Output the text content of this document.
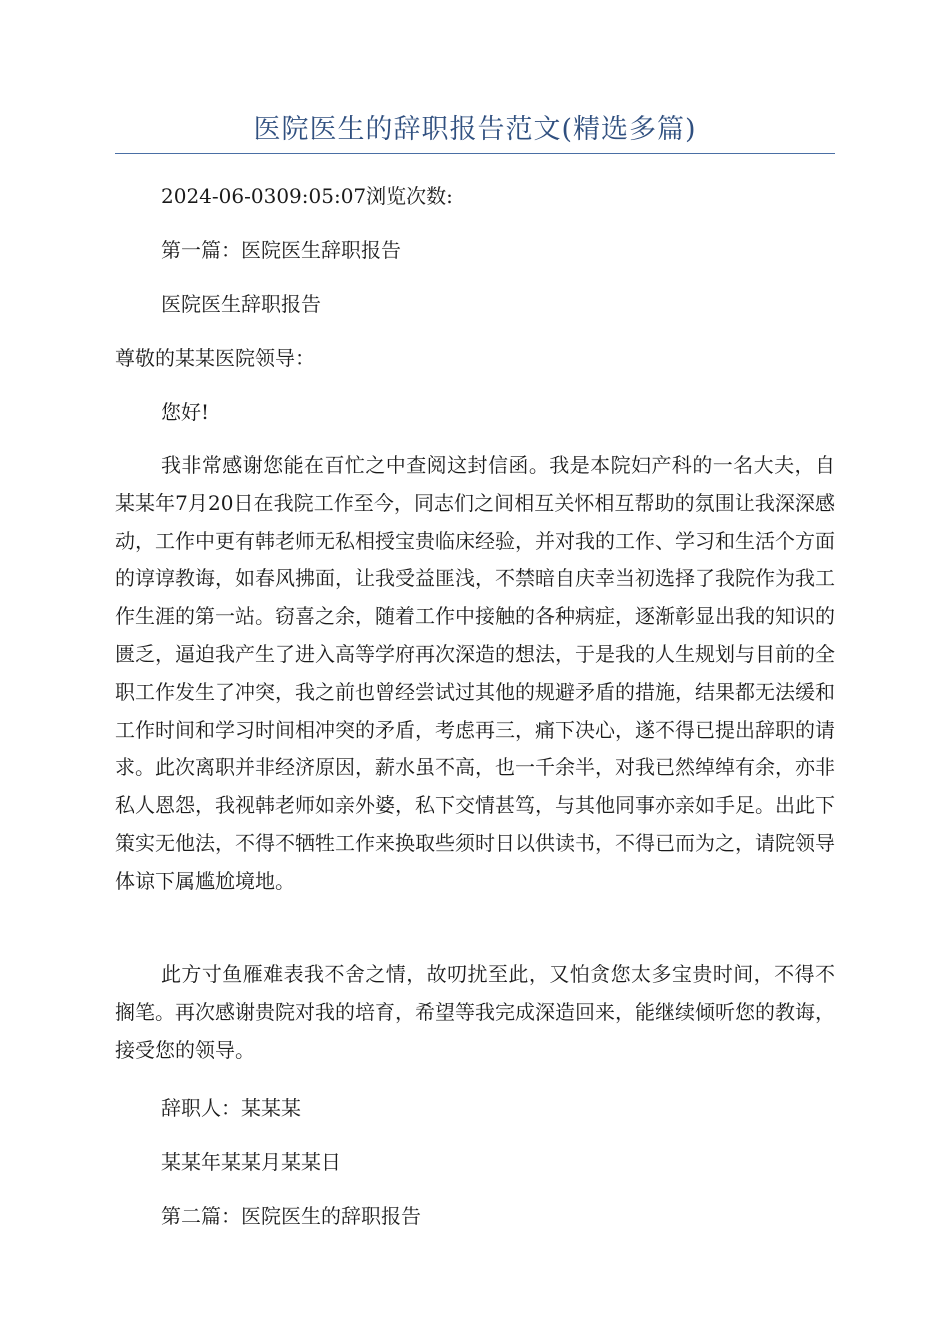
医院医生的辞职报告范文(精选多篇)
2024-06-0309:05:07浏览次数:
第一篇：医院医生辞职报告
医院医生辞职报告
尊敬的某某医院领导：
您好!
我非常感谢您能在百忙之中查阅这封信函。我是本院妇产科的一名大夫，自某某年7月20日在我院工作至今，同志们之间相互关怀相互帮助的氛围让我深深感动，工作中更有韩老师无私相授宝贵临床经验，并对我的工作、学习和生活个方面的谆谆教诲，如春风拂面，让我受益匪浅，不禁暗自庆幸当初选择了我院作为我工作生涯的第一站。窃喜之余，随着工作中接触的各种病症，逐渐彰显出我的知识的匮乏，逼迫我产生了进入高等学府再次深造的想法，于是我的人生规划与目前的全职工作发生了冲突，我之前也曾经尝试过其他的规避矛盾的措施，结果都无法缓和工作时间和学习时间相冲突的矛盾，考虑再三，痛下决心，遂不得已提出辞职的请求。此次离职并非经济原因，薪水虽不高，也一千余半，对我已然绰绰有余，亦非私人恩怨，我视韩老师如亲外婆，私下交情甚笃，与其他同事亦亲如手足。出此下策实无他法，不得不牺牲工作来换取些须时日以供读书，不得已而为之，请院领导体谅下属尴尬境地。
此方寸鱼雁难表我不舍之情，故叨扰至此，又怕贪您太多宝贵时间，不得不搁笔。再次感谢贵院对我的培育，希望等我完成深造回来，能继续倾听您的教诲，接受您的领导。
辞职人：某某某
某某年某某月某某日
第二篇：医院医生的辞职报告
